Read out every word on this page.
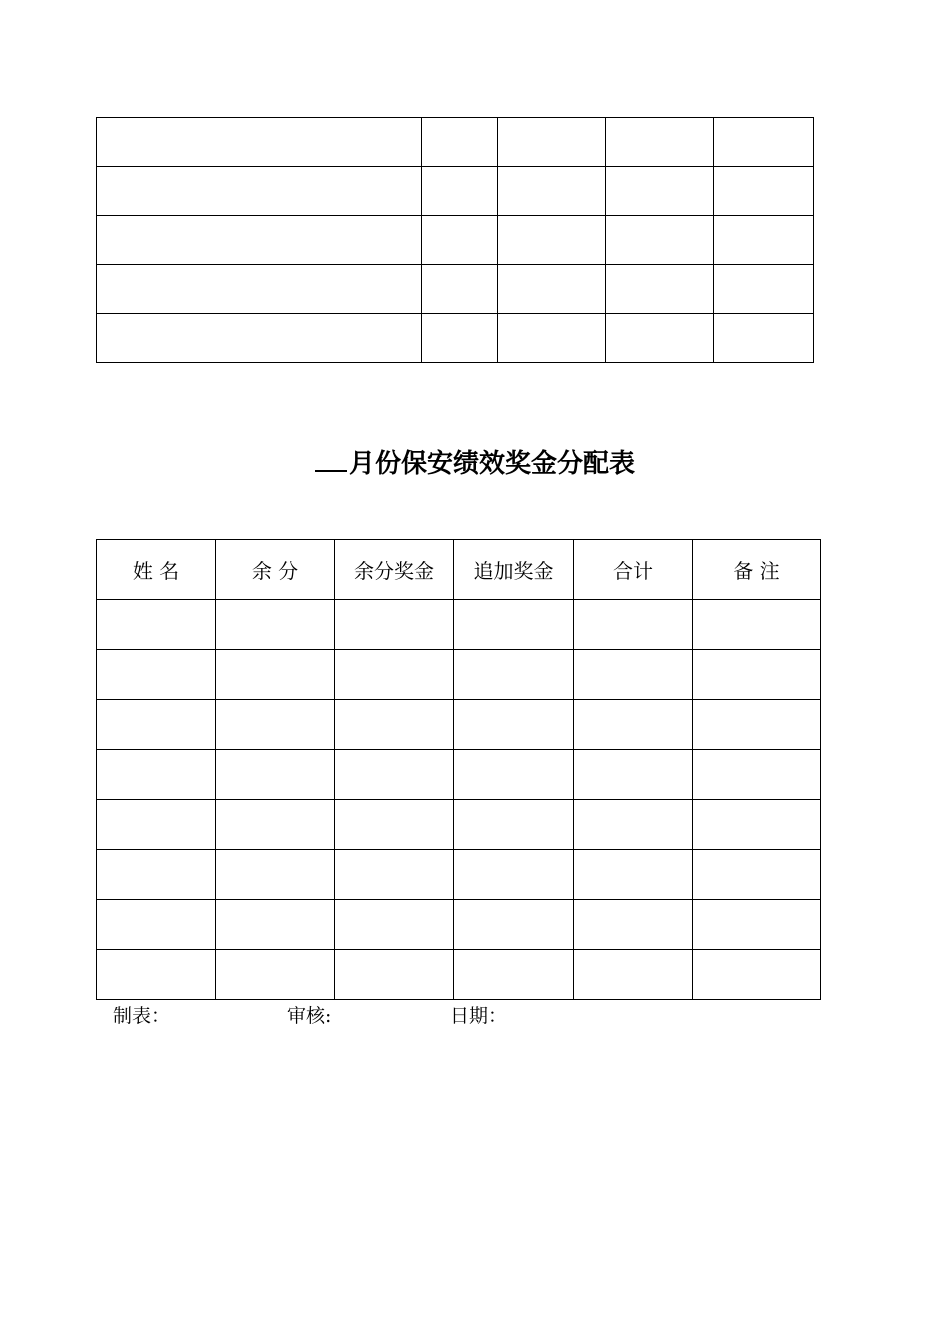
月份保安绩效奖金分配表
姓 名	余 分	余分奖金	追加奖金	合计	备 注

制表：	审核:	日期：
